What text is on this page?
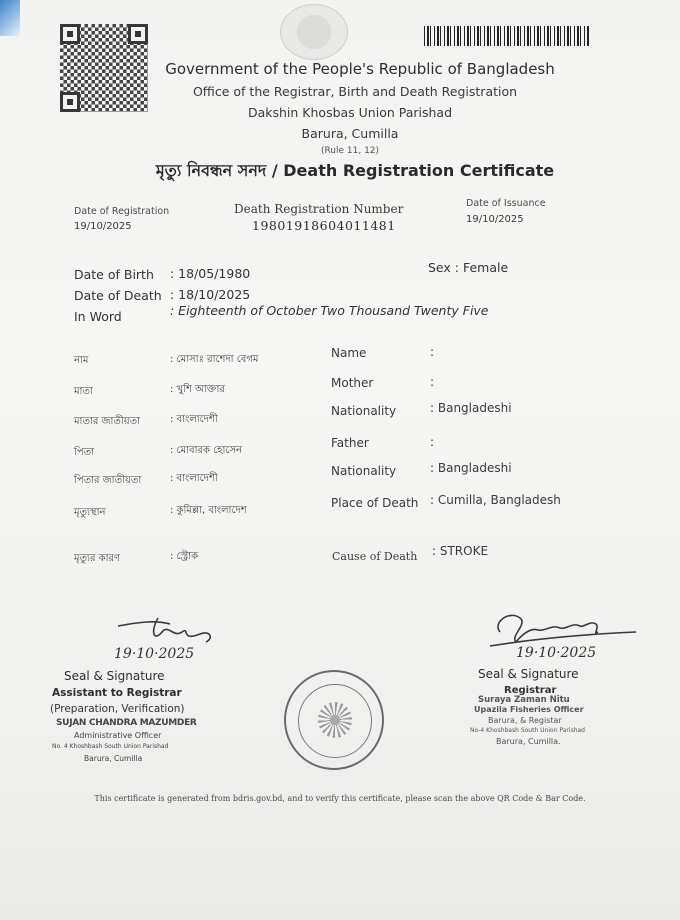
Government of the People's Republic of Bangladesh
Office of the Registrar, Birth and Death Registration
Dakshin Khosbas Union Parishad
Barura, Cumilla
(Rule 11, 12)
মৃত্যু নিবন্ধন সনদ / Death Registration Certificate
Date of Registration
19/10/2025
Death Registration Number
19801918604011481
Date of Issuance
19/10/2025
Date of Birth : 18/05/1980	Sex : Female
Date of Death : 18/10/2025
In Word	: Eighteenth of October Two Thousand Twenty Five
নাম	: মোসাঃ রাশেদা বেগম	Name	:
মাতা	: খুশি আক্তার	Mother	:
মাতার জাতীয়তা	: বাংলাদেশী
Nationality	: Bangladeshi
পিতা	: মোবারক হোসেন
Father	:
পিতার জাতীয়তা	: বাংলাদেশী
Nationality	: Bangladeshi
মৃত্যুস্থান	: কুমিল্লা, বাংলাদেশ
Place of Death : Cumilla, Bangladesh
মৃত্যুর কারণ	: স্ট্রোক	Cause of Death : STROKE
19·10·2025
Seal & Signature
Assistant to Registrar
(Preparation, Verification)
SUJAN CHANDRA MAZUMDER
Administrative Officer
No. 4 Khoshbash South Union Parishad
Barura, Cumilla
19·10·2025
Seal & Signature
Registrar
Suraya Zaman Nitu
Upazila Fisheries Officer
Barura, & Registar
No-4 Khoshbash South Union Parishad
Barura, Cumilla.
This certificate is generated from bdris.gov.bd, and to verify this certificate, please scan the above QR Code & Bar Code.
